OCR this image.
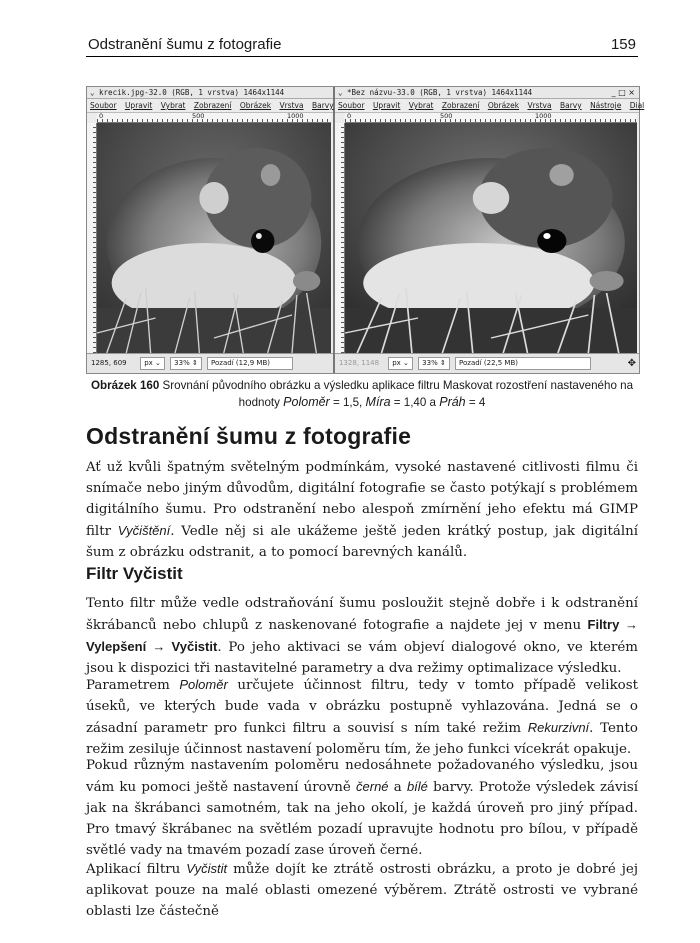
Odstranění šumu z fotografie	159
⌄ krecik.jpg-32.0 (RGB, 1 vrstva) 1464x1144
Soubor Upravit Vybrat Zobrazení Obrázek Vrstva Barvy
0	500	1000
1285, 609	px ⌄ 33% ⇕ Pozadí (12,9 MB)
⌄ *Bez názvu-33.0 (RGB, 1 vrstva) 1464x1144	_ □ ×
Soubor Upravit Vybrat Zobrazení Obrázek Vrstva Barvy Nástroje Dial
0	500	1000
1328, 1148 px ⌄ 33% ⇕ Pozadí (22,5 MB)	✥
Obrázek 160 Srovnání původního obrázku a výsledku aplikace filtru Maskovat rozostření nastaveného na hodnoty Poloměr = 1,5, Míra = 1,40 a Práh = 4
Odstranění šumu z fotografie

Ať už kvůli špatným světelným podmínkám, vysoké nastavené citlivosti filmu či snímače nebo jiným důvodům, digitální fotografie se často potýkají s problémem digitálního šumu. Pro odstranění nebo alespoň zmírnění jeho efektu má GIMP filtr Vyčištění. Vedle něj si ale ukážeme ještě jeden krátký postup, jak digitální šum z obrázku odstranit, a to pomocí barevných kanálů.

Filtr Vyčistit

Tento filtr může vedle odstraňování šumu posloužit stejně dobře i k odstranění škrábanců nebo chlupů z naskenované fotografie a najdete jej v menu Filtry → Vylepšení → Vyčistit. Po jeho aktivaci se vám objeví dialogové okno, ve kterém jsou k dispozici tři nastavitelné parametry a dva režimy optimalizace výsledku.

Parametrem Poloměr určujete účinnost filtru, tedy v tomto případě velikost úseků, ve kterých bude vada v obrázku postupně vyhlazována. Jedná se o zásadní parametr pro funkci filtru a souvisí s ním také režim Rekurzivní. Tento režim zesiluje účinnost nastavení poloměru tím, že jeho funkci vícekrát opakuje.

Pokud různým nastavením poloměru nedosáhnete požadovaného výsledku, jsou vám ku pomoci ještě nastavení úrovně černé a bílé barvy. Protože výsledek závisí jak na škrábanci samotném, tak na jeho okolí, je každá úroveň pro jiný případ. Pro tmavý škrábanec na světlém pozadí upravujte hodnotu pro bílou, v případě světlé vady na tmavém pozadí zase úroveň černé.

Aplikací filtru Vyčistit může dojít ke ztrátě ostrosti obrázku, a proto je dobré jej aplikovat pouze na malé oblasti omezené výběrem. Ztrátě ostrosti ve vybrané oblasti lze částečně
